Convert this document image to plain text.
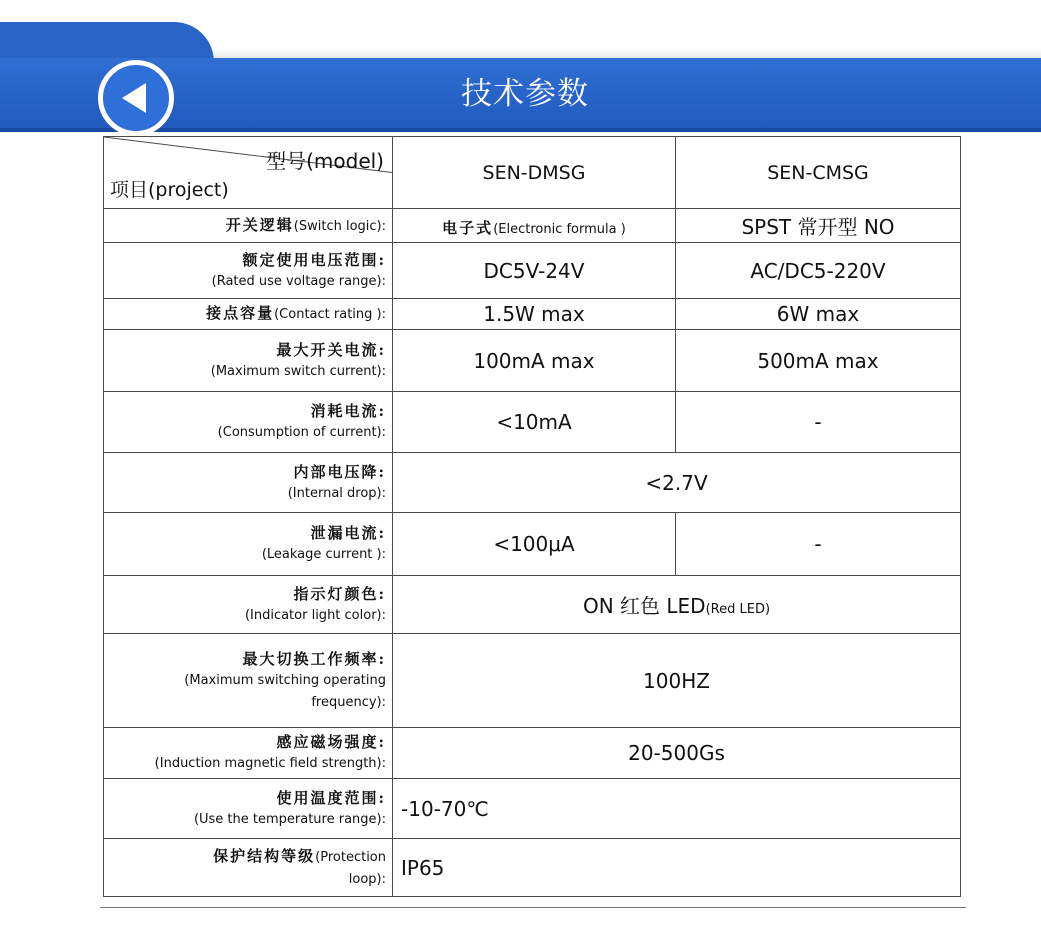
技术参数
型号(model)
项目(project)	SEN-DMSG	SEN-CMSG
开关逻辑(Switch logic):	电子式(Electronic formula )	SPST 常开型 NO

额定使用电压范围:
(Rated use voltage range):	DC5V-24V	AC/DC5-220V
接点容量(Contact rating ):	1.5W max	6W max

最大开关电流:
(Maximum switch current):	100mA max	500mA max

消耗电流:
(Consumption of current):	<10mA	-

内部电压降:
(Internal drop):	<2.7V	

泄漏电流:
(Leakage current ):	<100μA	-

指示灯颜色:
(Indicator light color):	ON 红色 LED(Red LED)	

最大切换工作频率:
(Maximum switching operating
frequency):	100HZ	

感应磁场强度:
(Induction magnetic field strength):	20-500Gs	

使用温度范围:
(Use the temperature range):	-10-70℃	

保护结构等级(Protection
loop):	IP65	
